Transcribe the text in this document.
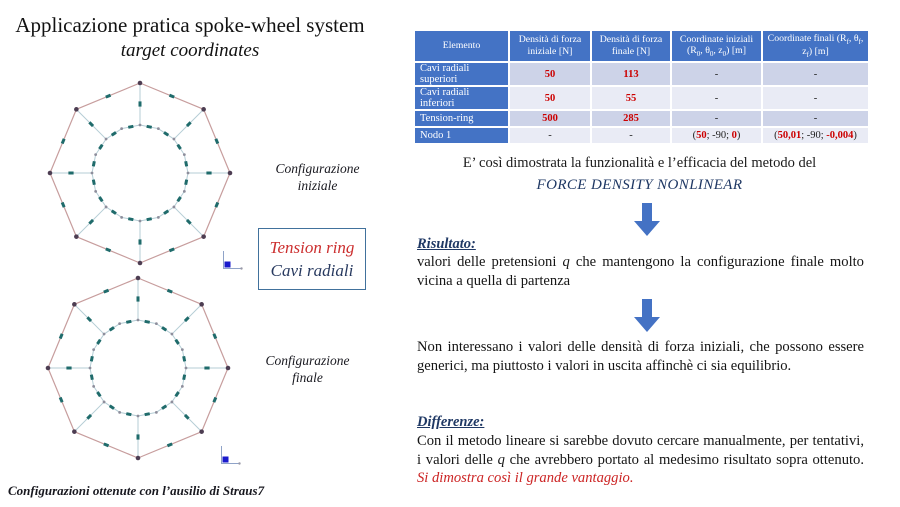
Applicazione pratica spoke-wheel system
target coordinates
Configurazione iniziale
Tension ring
Cavi radiali
Configurazione finale
Configurazioni ottenute con l’ausilio di Straus7
Elemento	Densità di forza iniziale [N]	Densità di forza finale [N]	Coordinate iniziali ($R_0$, $\theta_0$, $z_0$) [m]	Coordinate finali ($R_f$, $\theta_f$, $z_f$) [m]
Cavi radiali superiori	50	113	-	-
Cavi radiali inferiori	50	55	-	-
Tension-ring	500	285	-	-
Nodo 1	-	-	(50; -90; 0)	(50,01; -90; -0,004)
E’ così dimostrata la funzionalità e l’efficacia del metodo del
FORCE DENSITY NONLINEAR
Risultato:
valori delle pretensioni q che mantengono la configurazione finale molto vicina a quella di partenza
Non interessano i valori delle densità di forza iniziali, che possono essere generici, ma piuttosto i valori in uscita affinchè ci sia equilibrio.
Differenze:
Con il metodo lineare si sarebbe dovuto cercare manualmente, per tentativi, i valori delle q che avrebbero portato al medesimo risultato sopra ottenuto. Si dimostra così il grande vantaggio.
